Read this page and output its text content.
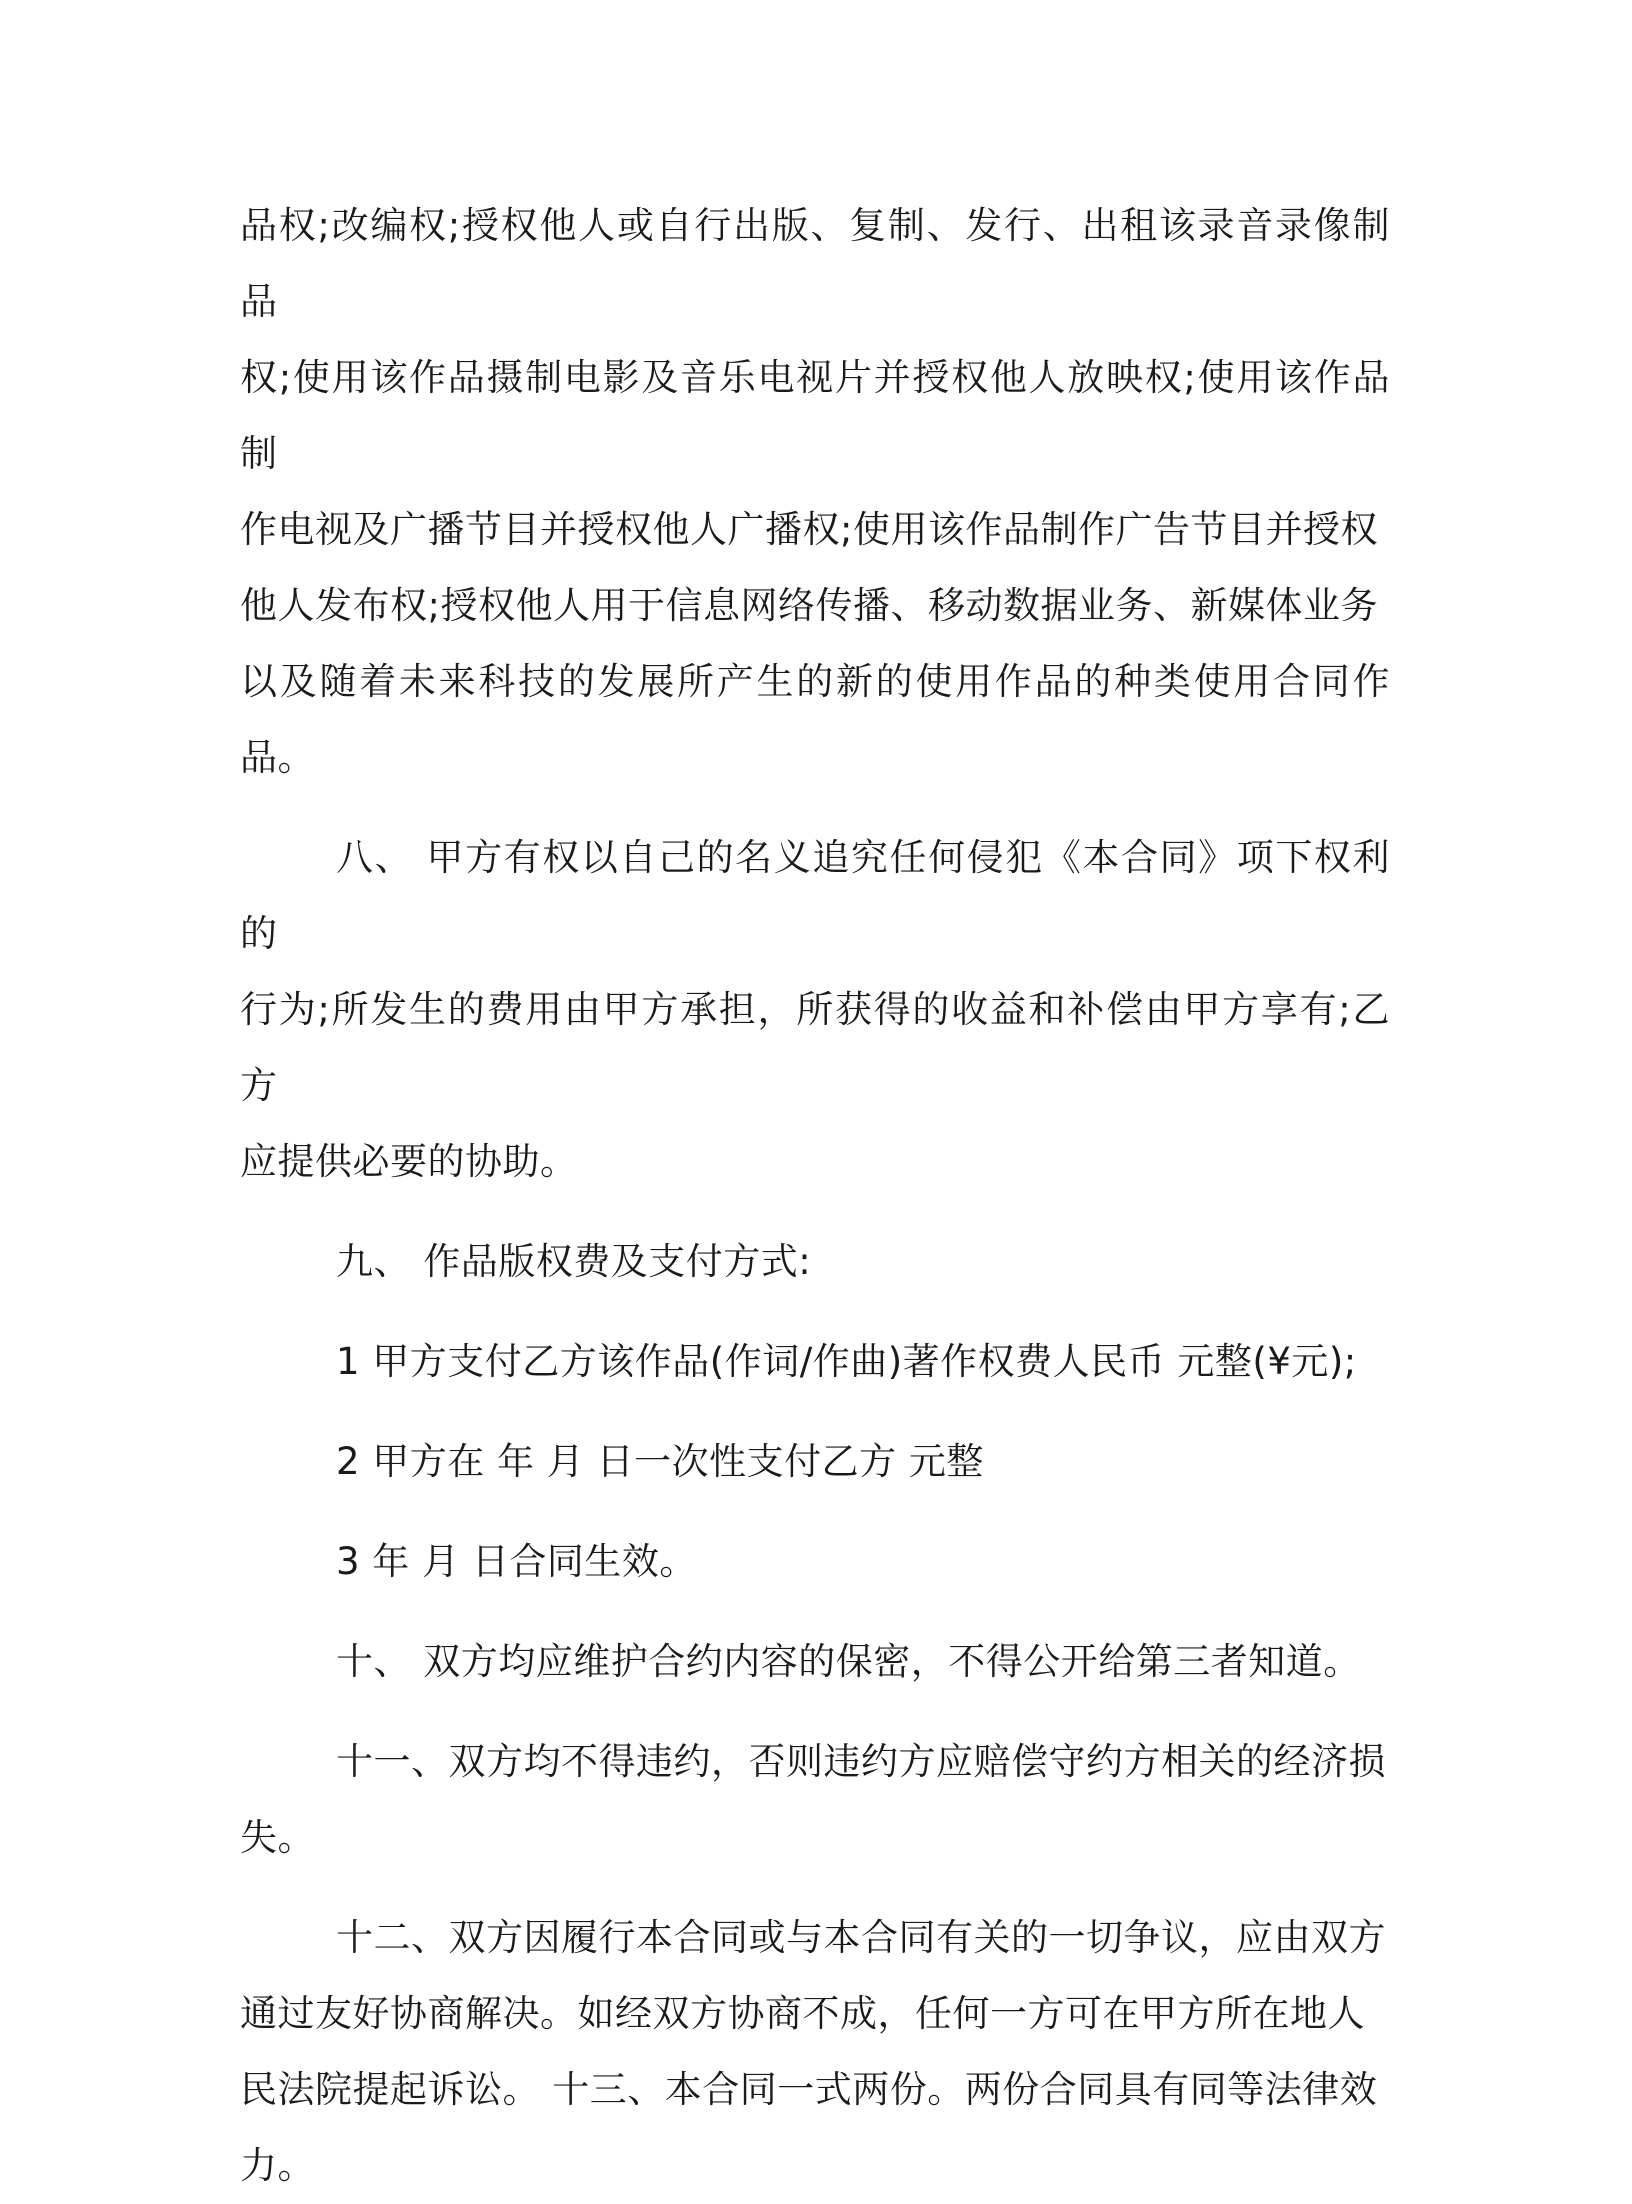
品权;改编权;授权他人或自行出版、复制、发行、出租该录音录像制品
权;使用该作品摄制电影及音乐电视片并授权他人放映权;使用该作品制
作电视及广播节目并授权他人广播权;使用该作品制作广告节目并授权
他人发布权;授权他人用于信息网络传播、移动数据业务、新媒体业务
以及随着未来科技的发展所产生的新的使用作品的种类使用合同作品。

八、 甲方有权以自己的名义追究任何侵犯《本合同》项下权利的
行为;所发生的费用由甲方承担，所获得的收益和补偿由甲方享有;乙方
应提供必要的协助。

九、 作品版权费及支付方式:

1 甲方支付乙方该作品(作词/作曲)著作权费人民币 元整(¥元);

2 甲方在 年 月 日一次性支付乙方 元整

3 年 月 日合同生效。

十、 双方均应维护合约内容的保密，不得公开给第三者知道。

十一、双方均不得违约，否则违约方应赔偿守约方相关的经济损
失。

十二、双方因履行本合同或与本合同有关的一切争议，应由双方
通过友好协商解决。如经双方协商不成，任何一方可在甲方所在地人
民法院提起诉讼。 十三、本合同一式两份。两份合同具有同等法律效
力。
